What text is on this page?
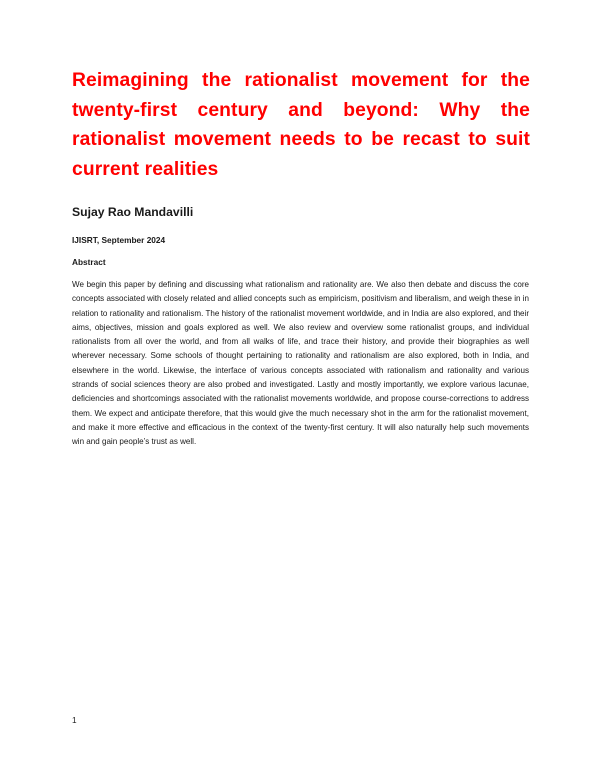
Reimagining the rationalist movement for the twenty-first century and beyond: Why the rationalist movement needs to be recast to suit current realities

Sujay Rao Mandavilli

IJISRT, September 2024

Abstract

We begin this paper by defining and discussing what rationalism and rationality are. We also then debate and discuss the core concepts associated with closely related and allied concepts such as empiricism, positivism and liberalism, and weigh these in in relation to rationality and rationalism. The history of the rationalist movement worldwide, and in India are also explored, and their aims, objectives, mission and goals explored as well. We also review and overview some rationalist groups, and individual rationalists from all over the world, and from all walks of life, and trace their history, and provide their biographies as well wherever necessary. Some schools of thought pertaining to rationality and rationalism are also explored, both in India, and elsewhere in the world. Likewise, the interface of various concepts associated with rationalism and rationality and various strands of social sciences theory are also probed and investigated. Lastly and mostly importantly, we explore various lacunae, deficiencies and shortcomings associated with the rationalist movements worldwide, and propose course-corrections to address them. We expect and anticipate therefore, that this would give the much necessary shot in the arm for the rationalist movement, and make it more effective and efficacious in the context of the twenty-first century. It will also naturally help such movements win and gain people’s trust as well.

1
